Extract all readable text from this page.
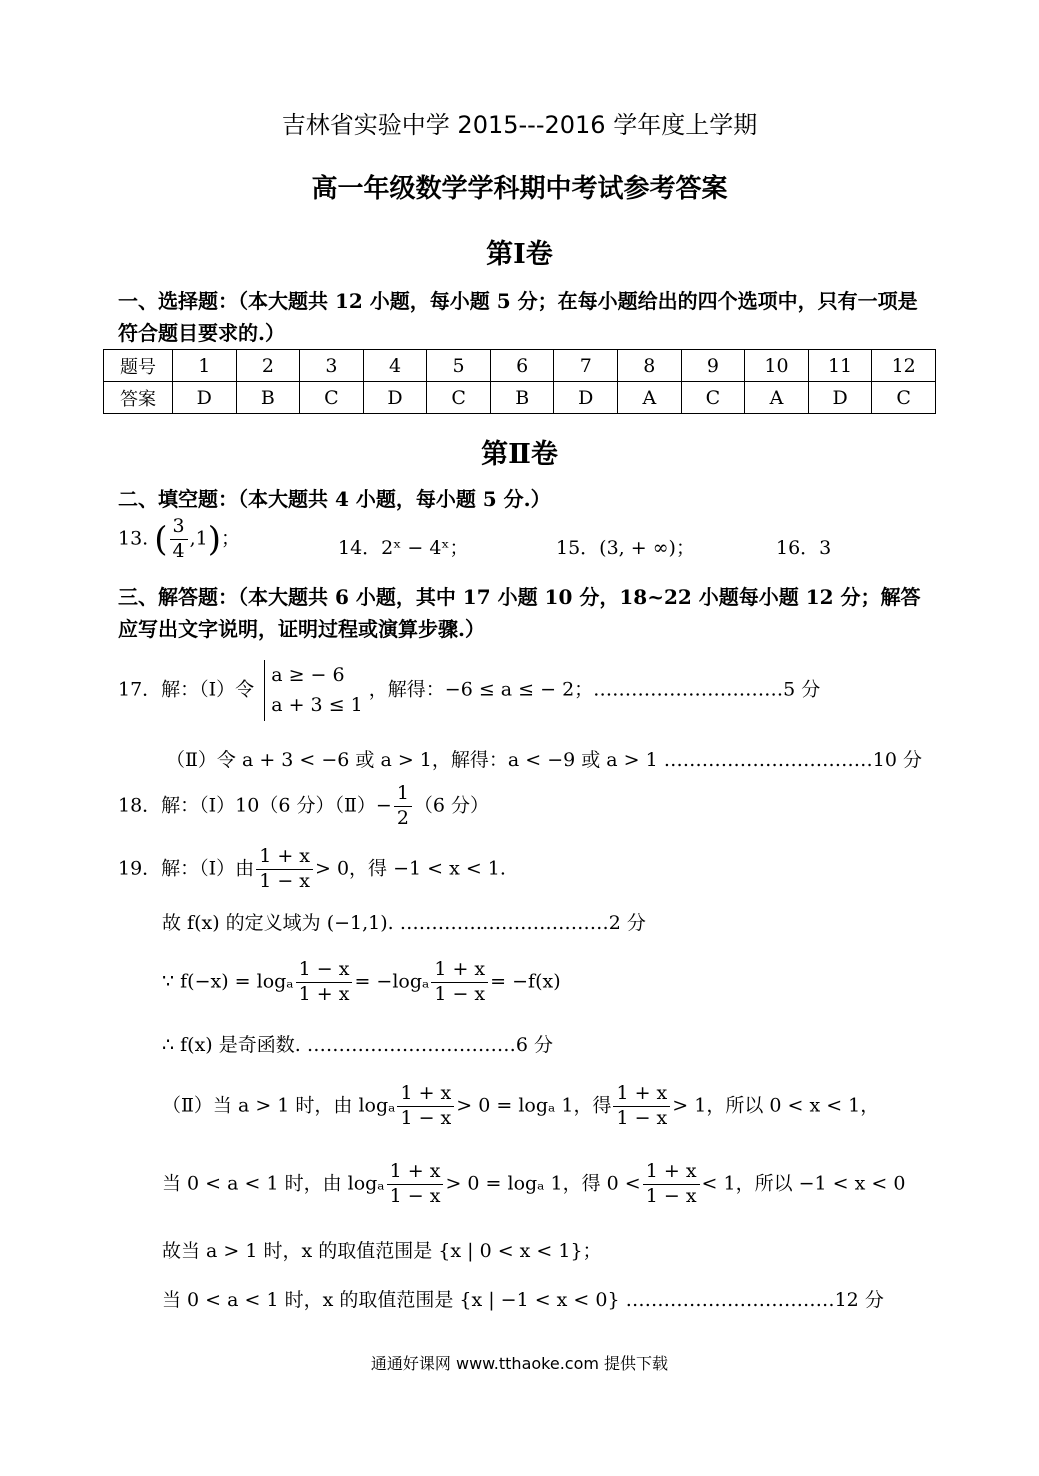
吉林省实验中学 2015---2016 学年度上学期
高一年级数学学科期中考试参考答案
第Ⅰ卷
一、选择题：（本大题共 12 小题，每小题 5 分；在每小题给出的四个选项中，只有一项是符合题目要求的.）
题号	1	2	3	4	5	6	7	8	9	10	11	12
答案	D	B	C	D	C	B	D	A	C	A	D	C
第Ⅱ卷
二、填空题：（本大题共 4 小题，每小题 5 分.）
13. ( $\frac{3}{4} ,1$)；	14．2ˣ − 4ˣ；	15．(3, + ∞)；	16．3
三、解答题：（本大题共 6 小题，其中 17 小题 10 分，18~22 小题每小题 12 分；解答应写出文字说明，证明过程或演算步骤.）
17．解：（Ⅰ）令
a ≥ − 6
a + 3 ≤ 1
，解得：−6 ≤ a ≤ − 2；…………………………5 分
（Ⅱ）令 a + 3 < −6 或 a > 1，解得：a < −9 或 a > 1 ……………………………10 分
18．解：（Ⅰ）10（6 分）（Ⅱ）− $\frac{1}{2} (6$ 分）
19．解：（Ⅰ）由 $\frac{1 + x}{1 - x} > 0$，得 −1 < x < 1.
故 f(x) 的定义域为 (−1,1). ……………………………2 分
∵ f(−x) = logₐ $\frac{1 - x}{1 + x} = -\log_a \frac{1 + x}{1 - x} = -f(x)$
∴ f(x) 是奇函数. ……………………………6 分
（Ⅱ）当 a > 1 时，由 logₐ $\frac{1 + x}{1 - x} > 0 = \log_a$ 1，得 $\frac{1 + x}{1 - x} > 1$，所以 0 < x < 1，
当 0 < a < 1 时，由 logₐ $\frac{1 + x}{1 - x} > 0 = \log_a$ 1，得 $0 < \frac{1 + x}{1 - x} < 1$，所以 −1 < x < 0
故当 a > 1 时，x 的取值范围是 {x | 0 < x < 1}；
当 0 < a < 1 时，x 的取值范围是 {x | −1 < x < 0} ……………………………12 分
通通好课网 www.tthaoke.com 提供下载
